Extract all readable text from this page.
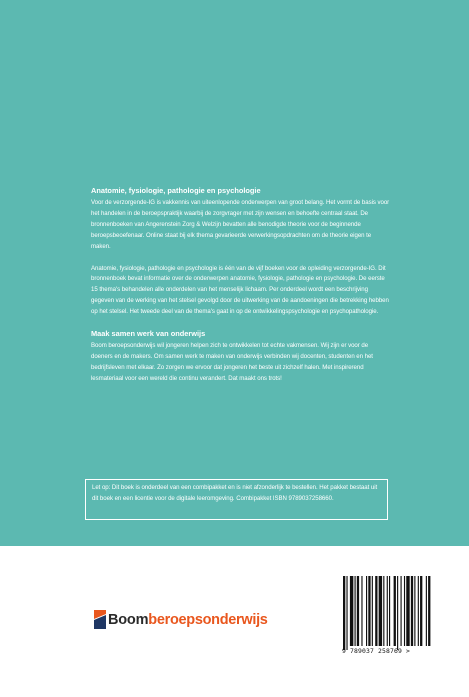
Anatomie, fysiologie, pathologie en psychologie

Voor de verzorgende-IG is vakkennis van uiteenlopende onderwerpen van groot belang. Het vormt de basis voor het handelen in de beroepspraktijk waarbij de zorgvrager met zijn wensen en behoefte centraal staat. De bronnenboeken van Angerenstein Zorg & Welzijn bevatten alle benodigde theorie voor de beginnende beroepsbeoefenaar. Online staat bij elk thema gevarieerde verwerkingsopdrachten om de theorie eigen te maken.

Anatomie, fysiologie, pathologie en psychologie is één van de vijf boeken voor de opleiding verzorgende-IG. Dit bronnenboek bevat informatie over de onderwerpen anatomie, fysiologie, pathologie en psychologie. De eerste 15 thema's behandelen alle onderdelen van het menselijk lichaam. Per onderdeel wordt een beschrijving gegeven van de werking van het stelsel gevolgd door de uitwerking van de aandoeningen die betrekking hebben op het stelsel. Het tweede deel van de thema's gaat in op de ontwikkelingspsychologie en psychopathologie.

Maak samen werk van onderwijs

Boom beroepsonderwijs wil jongeren helpen zich te ontwikkelen tot echte vakmensen. Wij zijn er voor de doeners en de makers. Om samen werk te maken van onderwijs verbinden wij docenten, studenten en het bedrijfsleven met elkaar. Zo zorgen we ervoor dat jongeren het beste uit zichzelf halen. Met inspirerend lesmateriaal voor een wereld die continu verandert. Dat maakt ons trots!

Let op: Dit boek is onderdeel van een combipakket en is niet afzonderlijk te bestellen. Het pakket bestaat uit dit boek en een licentie voor de digitale leeromgeving. Combipakket ISBN 9789037258660.

Boom beroepsonderwijs
9 789037 258769 >
